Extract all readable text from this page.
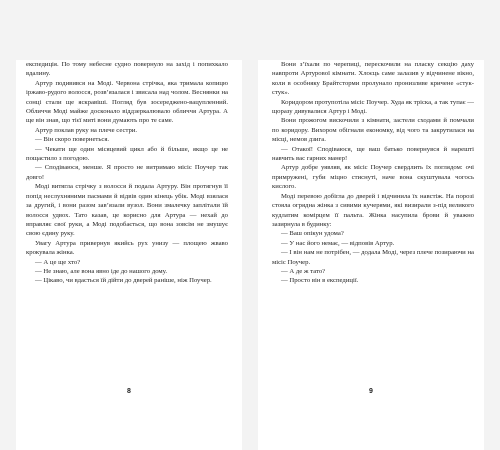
експедиція. По тому небесне судно повернуло на захід і попихкало вдалину.

Артур подивився на Моді. Червона стрічка, яка тримала копицю іржаво-рудого волосся, розв’язалася і звисала над чолом. Веснянки на сонці стали ще яскравіші. Погляд був зосереджено-вацупленний. Обличчя Моді майже досконало віддзеркалювало обличчя Артура. А ще він знав, що тієї миті вони думають про те саме.

Артур поклав руку на плече сестри.

— Він скоро повернеться.

— Чекати ще один місяцевий цикл або й більше, якщо це не пощастило з погодою.

— Сподіваюся, менше. Я просто не витримаю місіс Поучер так довго!

Моді витягла стрічку з волосся й подала Артуру. Він протягнув її попід неслухняними пасмами й відвів один кінець убік. Моді взялася за другий, і вони разом зав’язали вузол. Вони змалечку заплітали їй волосся удвох. Тато казав, це корисно для Артура — нехай до вправляє свої руки, а Моді подобається, що вона зовсім не змушує свою єдину руку.

Увагу Артура привернув якийсь рух унизу — площею жваво крокувала жінка.

— А це ще хто?

— Не знаю, але вона явно іде до нашого дому.

— Цікаво, чи вдасться їй дійти до дверей раніше, ніж Поучер.

8

Вони з’їхали по черепиці, перескочили на пласку секцію даху навпроти Артурової кімнати. Хлоєць саме залазив у відчинене вікно, коли в особняку Брайтсторми пролунало пронизливе кричене «стук-стук».

Коридором протупотіла місіс Поучер. Худа як тріска, а так тупає — щоразу дивувалися Артур і Моді.

Вони прожогом вискочили з кімнати, застели сходами й помчали по коридору. Вихором обігнали економку, від чого та закрутилася на місці, немов дзига.

— Отакої! Сподіваюся, ще ваш батько повернувся й нарешті навчить вас гарних манер!

Артур добре уявляв, як місіс Поучер свердлить їх поглядом: очі примружені, губи міцно стиснуті, наче вона скуштувала чогось кислого.

Моді перевою добігла до дверей і відчинила їх навстіж. На порозі стояла огрядна жінка з сивими кучерями, які визирали з-під великого кудлатим комірцем її пальта. Жінка насупила брови й уважно зазирнула в будинку:

— Ваш опікун удома?

— У нас його немає, — відповів Артур.

— І він нам не потрібен, — додала Моді, через плече позираючи на місіс Поучер.

— А де ж тато?

— Просто він в експедиції.

9
